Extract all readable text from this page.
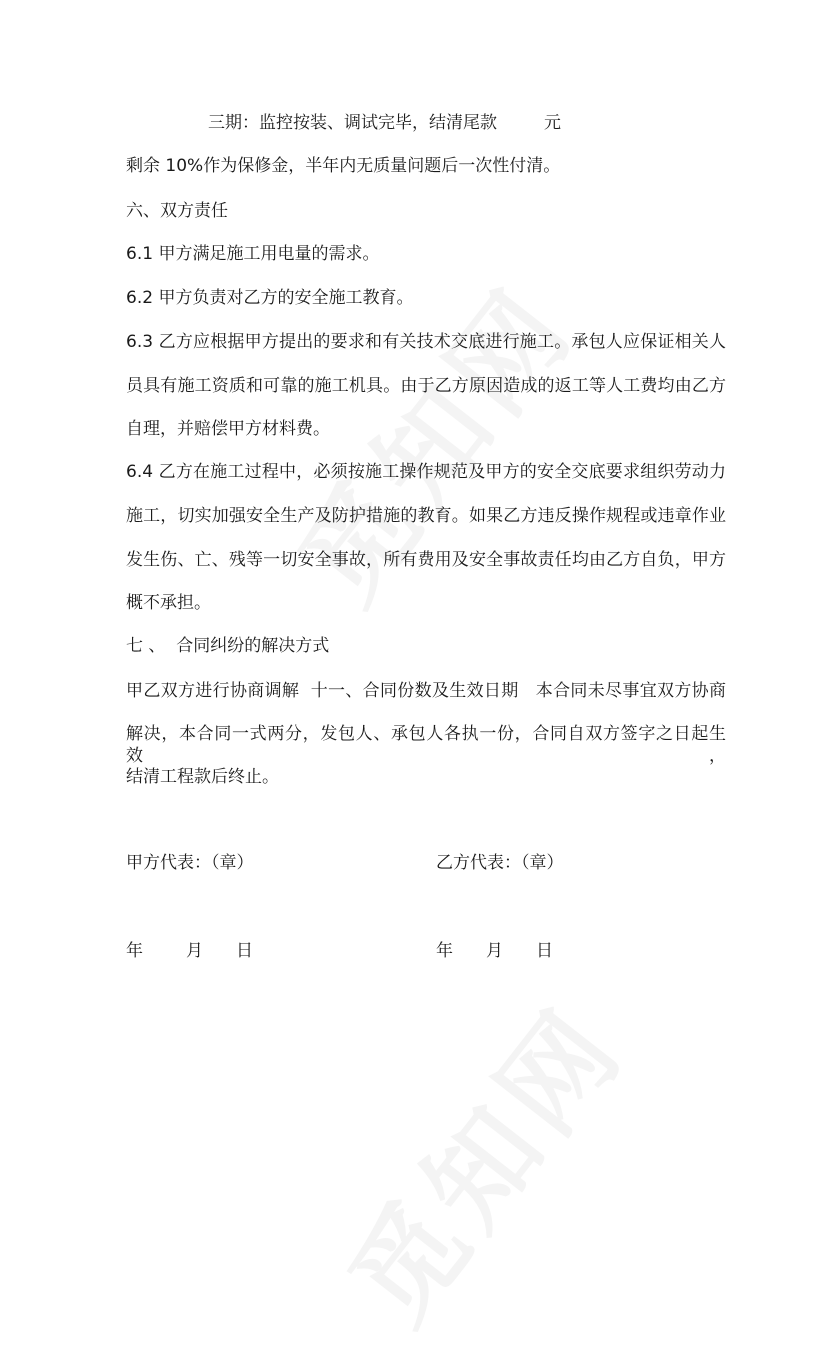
三期：监控按装、调试完毕，结清尾款	元
剩余 10%作为保修金，半年内无质量问题后一次性付清。
六、双方责任
6.1 甲方满足施工用电量的需求。
6.2 甲方负责对乙方的安全施工教育。
6.3 乙方应根据甲方提出的要求和有关技术交底进行施工。承包人应保证相关人
员具有施工资质和可靠的施工机具。由于乙方原因造成的返工等人工费均由乙方
自理，并赔偿甲方材料费。
6.4 乙方在施工过程中，必须按施工操作规范及甲方的安全交底要求组织劳动力
施工，切实加强安全生产及防护措施的教育。如果乙方违反操作规程或违章作业
发生伤、亡、残等一切安全事故，所有费用及安全事故责任均由乙方自负，甲方
概不承担。
七 、  合同纠纷的解决方式
甲乙双方进行协商调解  十一、合同份数及生效日期   本合同未尽事宜双方协商
解决，本合同一式两分，发包人、承包人各执一份，合同自双方签字之日起生效，
结清工程款后终止。
甲方代表：（章）	乙方代表：（章）
年	月 日	年 月 日
